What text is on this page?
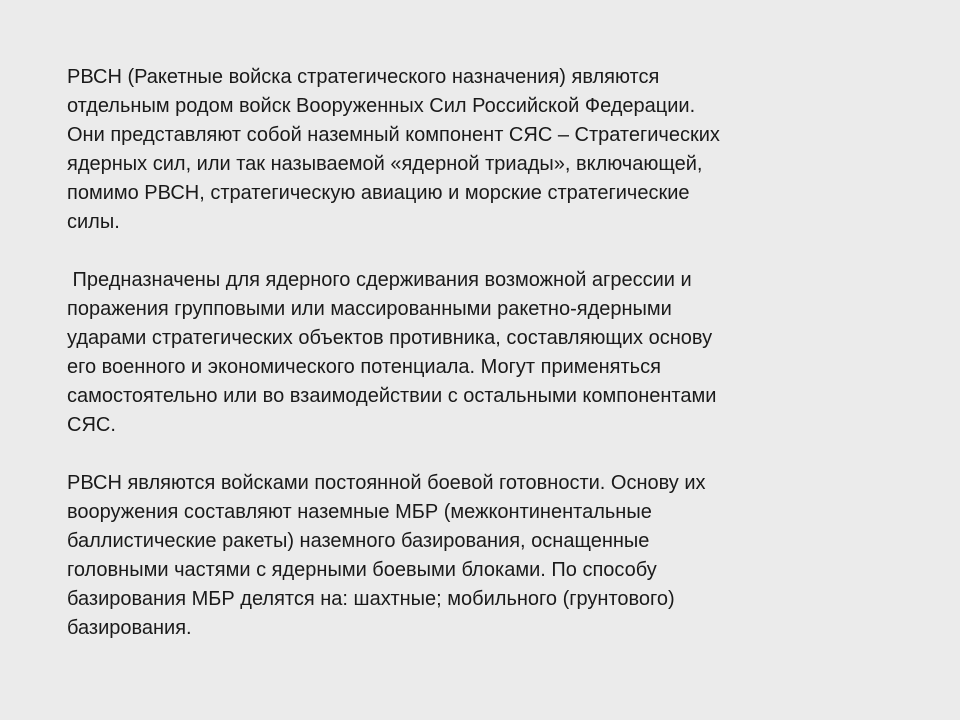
РВСН (Ракетные войска стратегического назначения) являются
отдельным родом войск Вооруженных Сил Российской Федерации.
Они представляют собой наземный компонент СЯС – Стратегических
ядерных сил, или так называемой «ядерной триады», включающей,
помимо РВСН, стратегическую авиацию и морские стратегические
силы.
Предназначены для ядерного сдерживания возможной агрессии и
поражения групповыми или массированными ракетно-ядерными
ударами стратегических объектов противника, составляющих основу
его военного и экономического потенциала. Могут применяться
самостоятельно или во взаимодействии с остальными компонентами
СЯС.
РВСН являются войсками постоянной боевой готовности. Основу их
вооружения составляют наземные МБР (межконтинентальные
баллистические ракеты) наземного базирования, оснащенные
головными частями с ядерными боевыми блоками. По способу
базирования МБР делятся на: шахтные; мобильного (грунтового)
базирования.
